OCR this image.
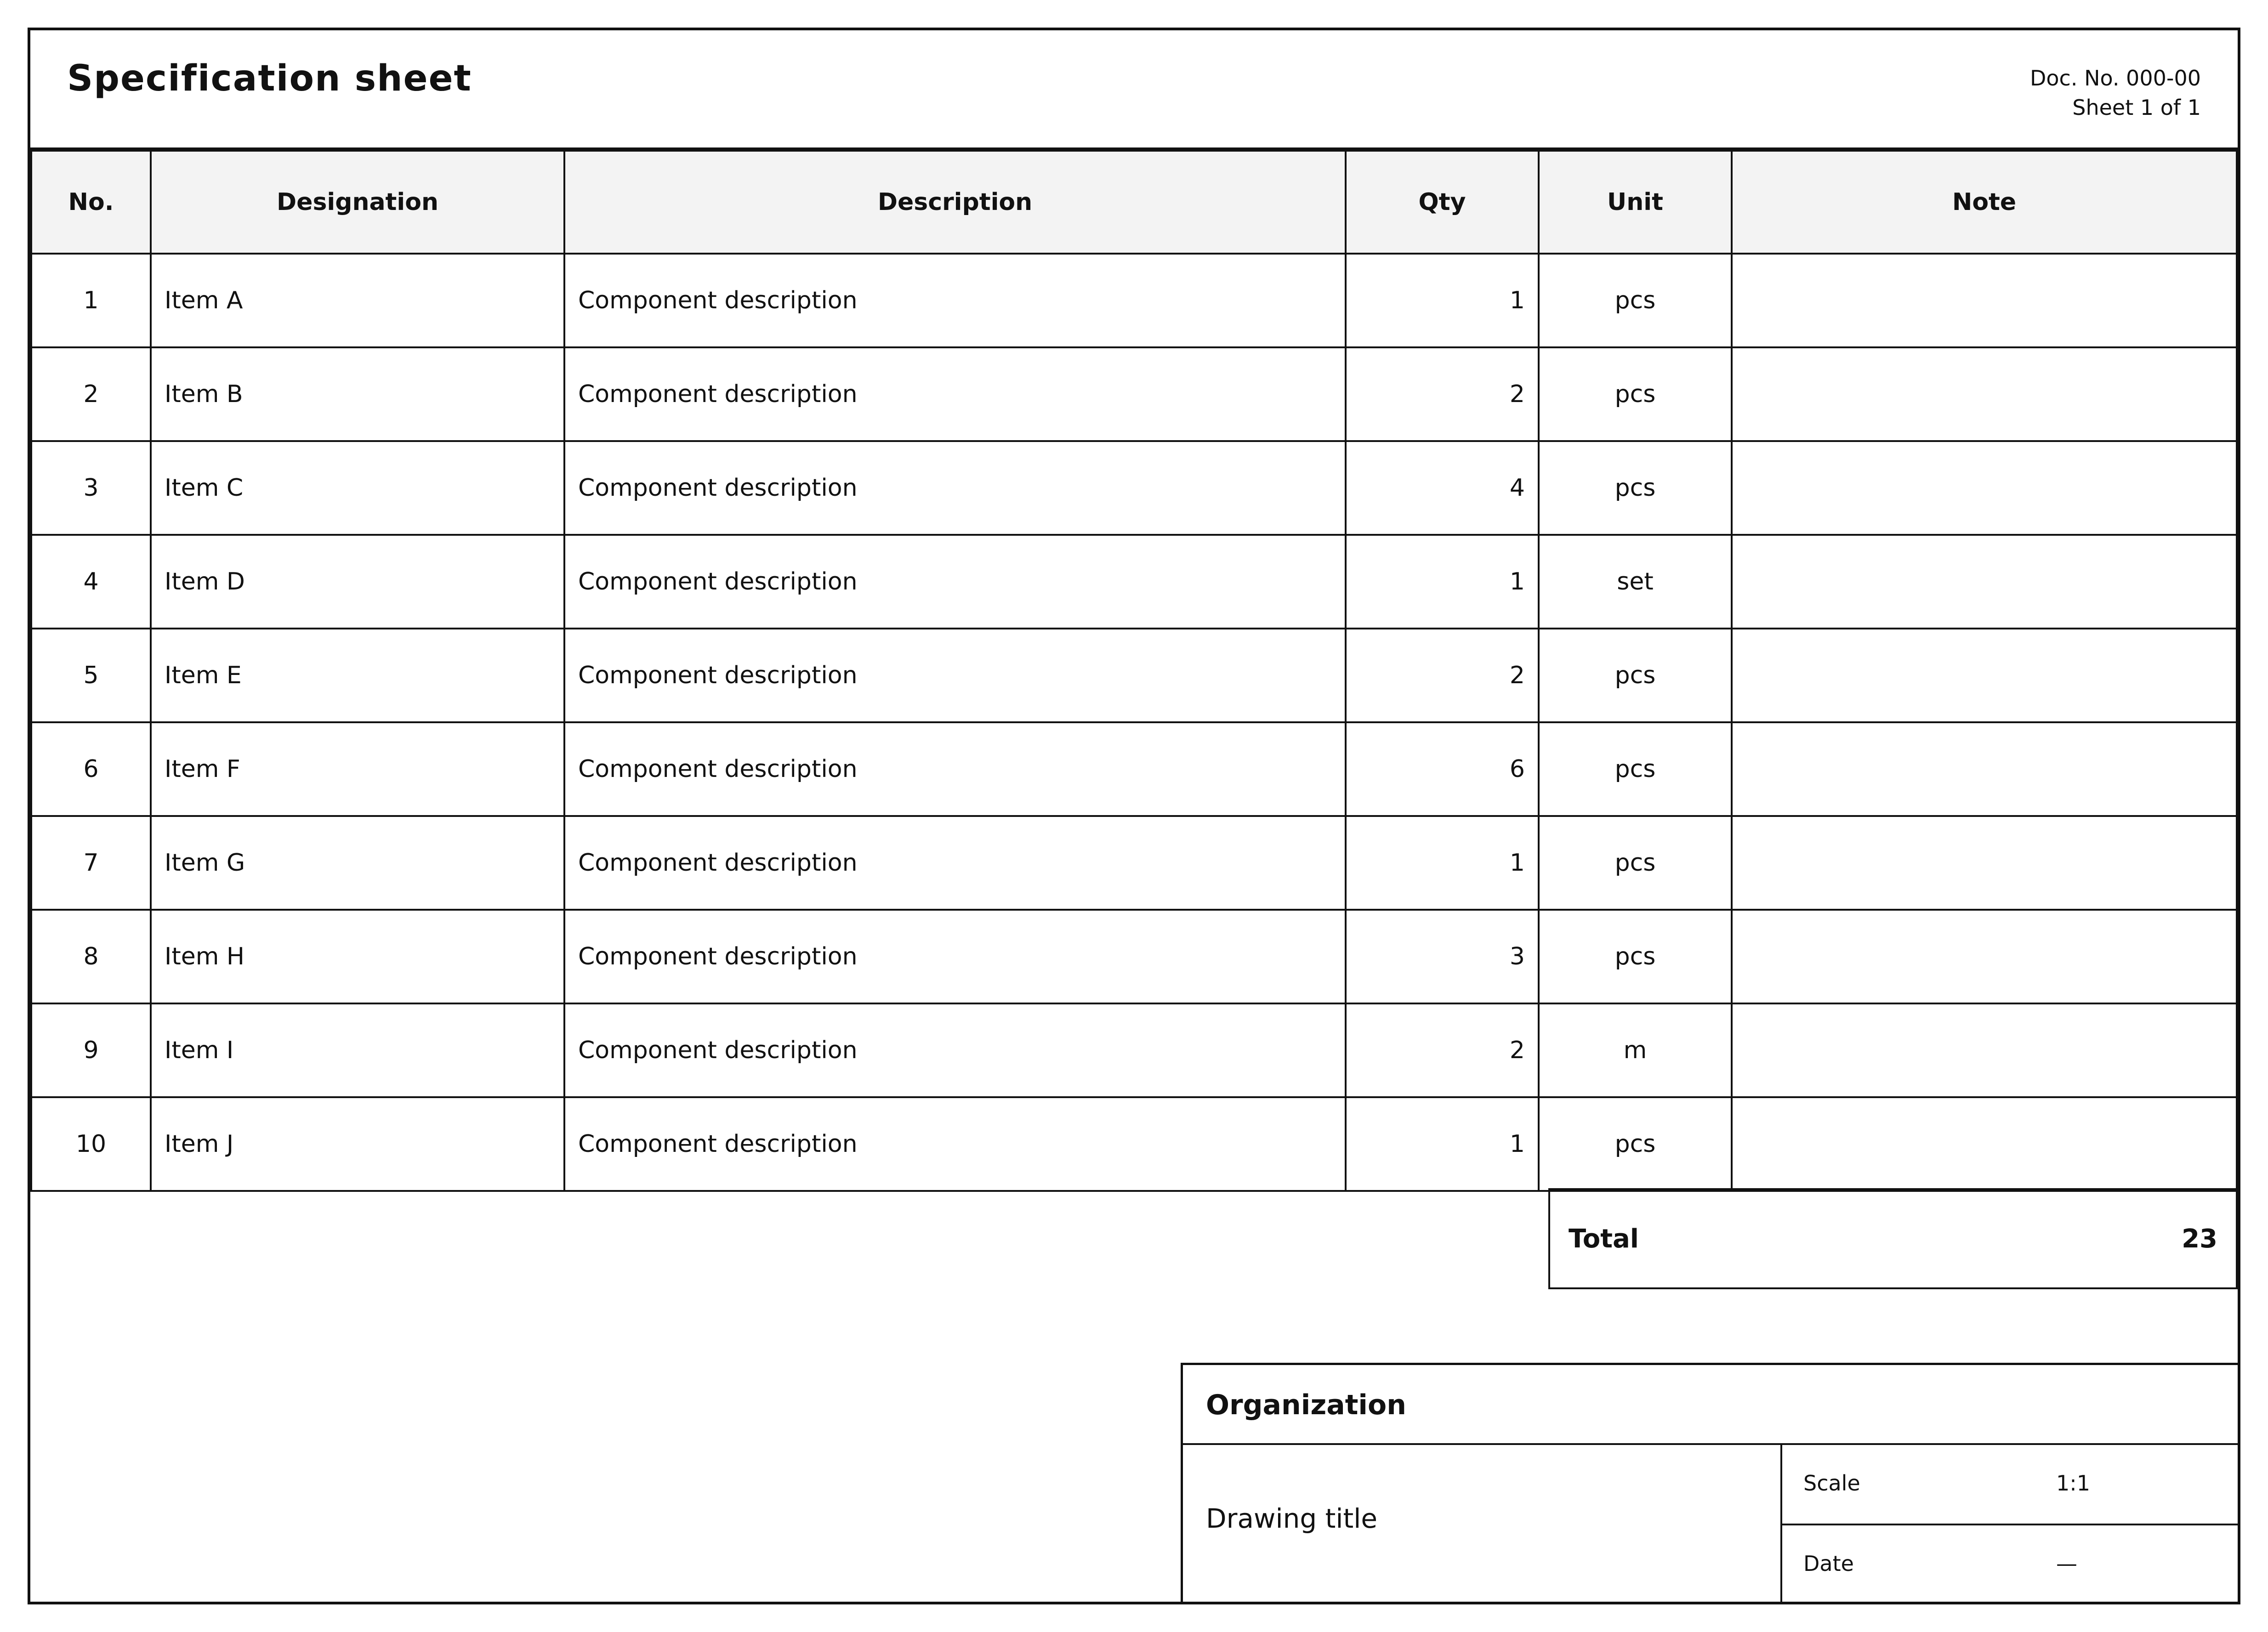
Specification sheet	Doc. No. 000-00
Sheet 1 of 1
No.	Designation	Description	Qty	Unit	Note
1	Item A	Component description	1	pcs	
2	Item B	Component description	2	pcs	
3	Item C	Component description	4	pcs	
4	Item D	Component description	1	set	
5	Item E	Component description	2	pcs	
6	Item F	Component description	6	pcs	
7	Item G	Component description	1	pcs	
8	Item H	Component description	3	pcs	
9	Item I	Component description	2	m	
10	Item J	Component description	1	pcs	
Total	23
Organization
Drawing title
Scale	1:1
Date	—
